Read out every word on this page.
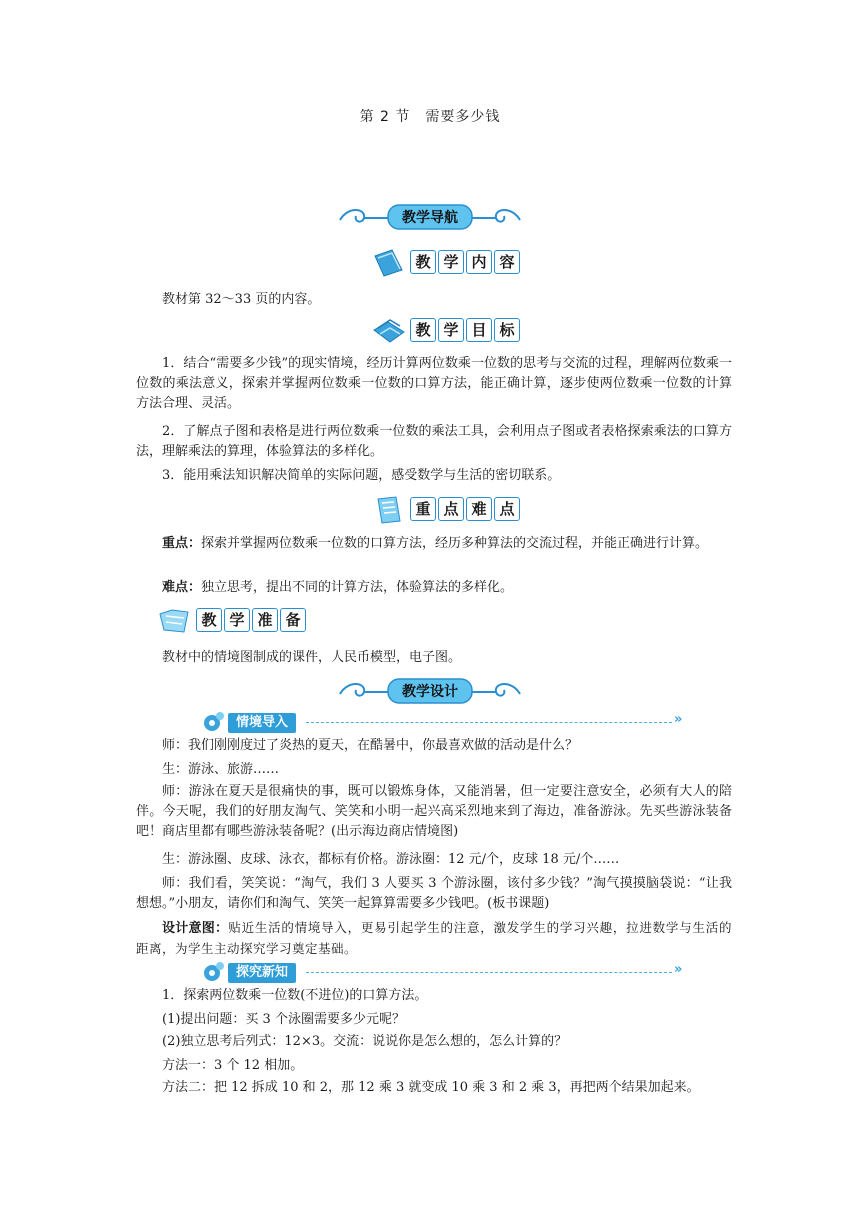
第 2 节　需要多少钱
教学导航
教 学 内 容

教材第 32～33 页的内容。

教 学 目 标

1．结合“需要多少钱”的现实情境，经历计算两位数乘一位数的思考与交流的过程，理解两位数乘一位数的乘法意义，探索并掌握两位数乘一位数的口算方法，能正确计算，逐步使两位数乘一位数的计算方法合理、灵活。

2．了解点子图和表格是进行两位数乘一位数的乘法工具，会利用点子图或者表格探索乘法的口算方法，理解乘法的算理，体验算法的多样化。

3．能用乘法知识解决简单的实际问题，感受数学与生活的密切联系。

重 点 难 点

重点：探索并掌握两位数乘一位数的口算方法，经历多种算法的交流过程，并能正确进行计算。

难点：独立思考，提出不同的计算方法，体验算法的多样化。

教 学 准 备

教材中的情境图制成的课件，人民币模型，电子图。

教学设计
情境导入	»

师：我们刚刚度过了炎热的夏天，在酷暑中，你最喜欢做的活动是什么？

生：游泳、旅游……

师：游泳在夏天是很痛快的事，既可以锻炼身体，又能消暑，但一定要注意安全，必须有大人的陪伴。今天呢，我们的好朋友淘气、笑笑和小明一起兴高采烈地来到了海边，准备游泳。先买些游泳装备吧！商店里都有哪些游泳装备呢？(出示海边商店情境图)

生：游泳圈、皮球、泳衣，都标有价格。游泳圈：12 元/个，皮球 18 元/个……

师：我们看，笑笑说：“淘气，我们 3 人要买 3 个游泳圈，该付多少钱？”淘气摸摸脑袋说：“让我想想。”小朋友，请你们和淘气、笑笑一起算算需要多少钱吧。(板书课题)

设计意图：贴近生活的情境导入，更易引起学生的注意，激发学生的学习兴趣，拉进数学与生活的距离，为学生主动探究学习奠定基础。

探究新知	»

1．探索两位数乘一位数(不进位)的口算方法。

(1)提出问题：买 3 个泳圈需要多少元呢？

(2)独立思考后列式：12×3。交流：说说你是怎么想的，怎么计算的？

方法一：3 个 12 相加。

方法二：把 12 拆成 10 和 2，那 12 乘 3 就变成 10 乘 3 和 2 乘 3，再把两个结果加起来。
